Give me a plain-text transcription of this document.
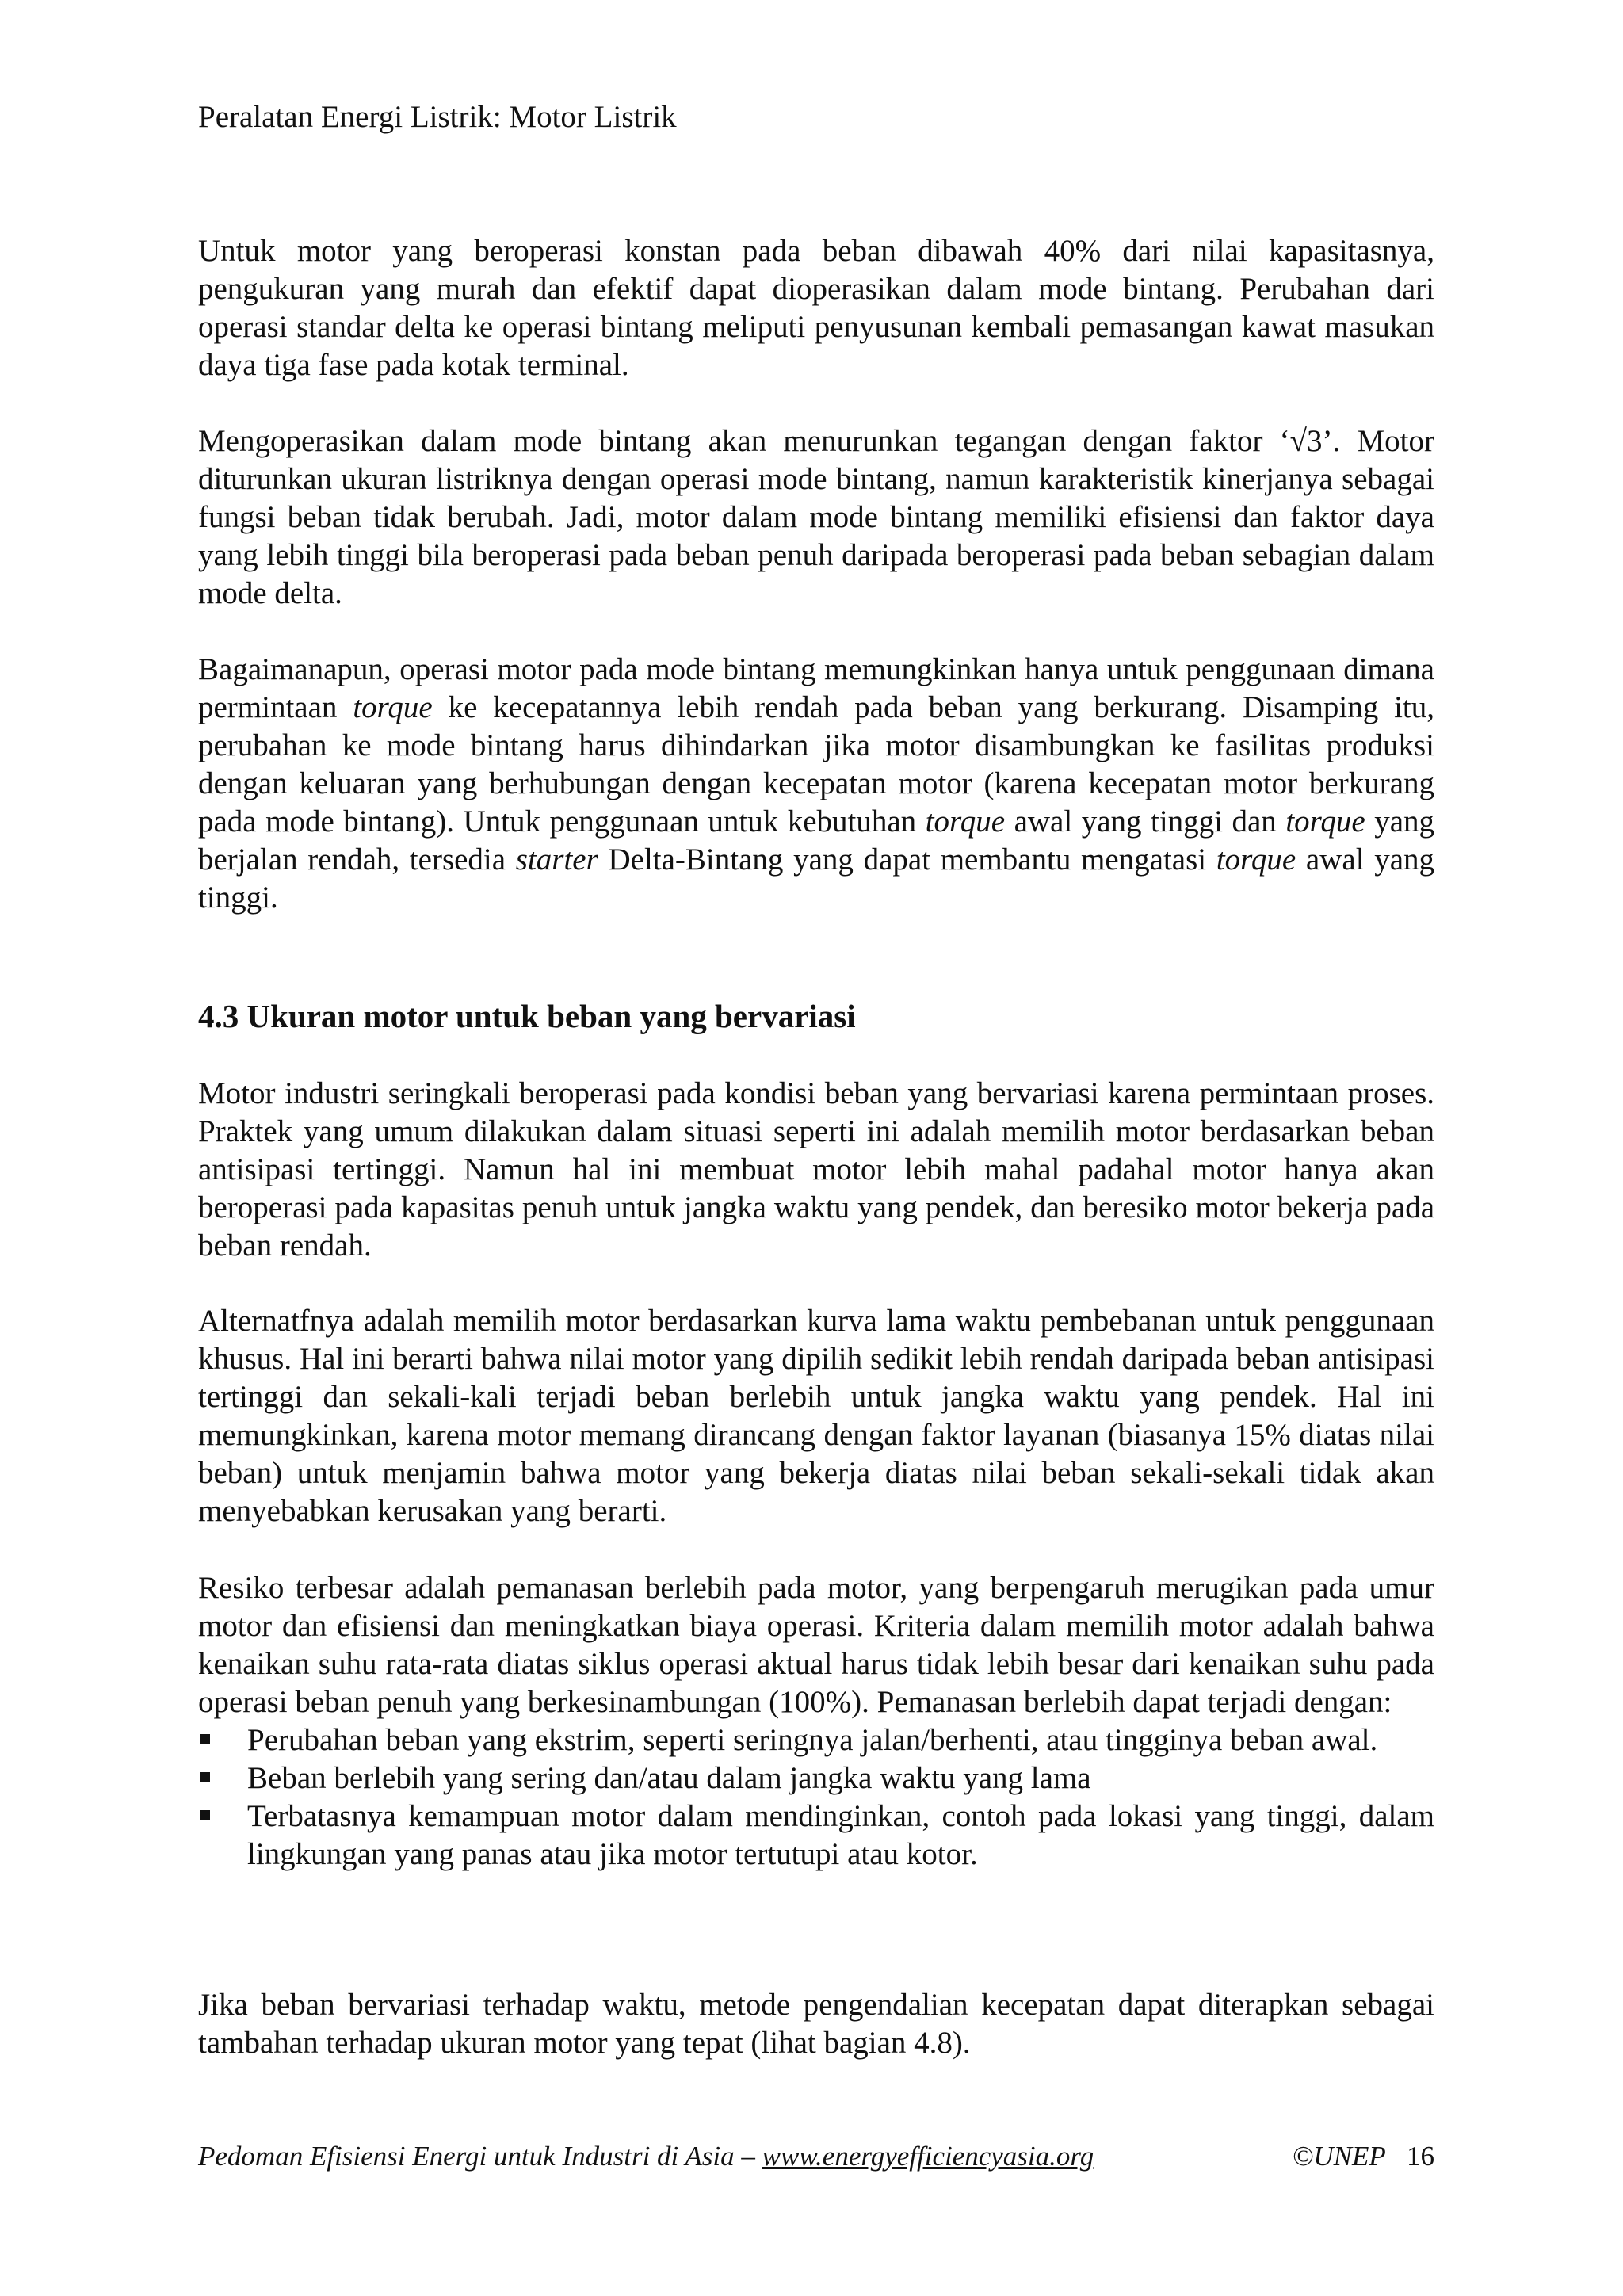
Peralatan Energi Listrik: Motor Listrik

Untuk motor yang beroperasi konstan pada beban dibawah 40% dari nilai kapasitasnya, pengukuran yang murah dan efektif dapat dioperasikan dalam mode bintang. Perubahan dari operasi standar delta ke operasi bintang meliputi penyusunan kembali pemasangan kawat masukan daya tiga fase pada kotak terminal.

Mengoperasikan dalam mode bintang akan menurunkan tegangan dengan faktor ‘√3’. Motor diturunkan ukuran listriknya dengan operasi mode bintang, namun karakteristik kinerjanya sebagai fungsi beban tidak berubah. Jadi, motor dalam mode bintang memiliki efisiensi dan faktor daya yang lebih tinggi bila beroperasi pada beban penuh daripada beroperasi pada beban sebagian dalam mode delta.

Bagaimanapun, operasi motor pada mode bintang memungkinkan hanya untuk penggunaan dimana permintaan torque ke kecepatannya lebih rendah pada beban yang berkurang. Disamping itu, perubahan ke mode bintang harus dihindarkan jika motor disambungkan ke fasilitas produksi dengan keluaran yang berhubungan dengan kecepatan motor (karena kecepatan motor berkurang pada mode bintang). Untuk penggunaan untuk kebutuhan torque awal yang tinggi dan torque yang berjalan rendah, tersedia starter Delta-Bintang yang dapat membantu mengatasi torque awal yang tinggi.

4.3 Ukuran motor untuk beban yang bervariasi

Motor industri seringkali beroperasi pada kondisi beban yang bervariasi karena permintaan proses. Praktek yang umum dilakukan dalam situasi seperti ini adalah memilih motor berdasarkan beban antisipasi tertinggi. Namun hal ini membuat motor lebih mahal padahal motor hanya akan beroperasi pada kapasitas penuh untuk jangka waktu yang pendek, dan beresiko motor bekerja pada beban rendah.

Alternatfnya adalah memilih motor berdasarkan kurva lama waktu pembebanan untuk penggunaan khusus. Hal ini berarti bahwa nilai motor yang dipilih sedikit lebih rendah daripada beban antisipasi tertinggi dan sekali-kali terjadi beban berlebih untuk jangka waktu yang pendek. Hal ini memungkinkan, karena motor memang dirancang dengan faktor layanan (biasanya 15% diatas nilai beban) untuk menjamin bahwa motor yang bekerja diatas nilai beban sekali-sekali tidak akan menyebabkan kerusakan yang berarti.

Resiko terbesar adalah pemanasan berlebih pada motor, yang berpengaruh merugikan pada umur motor dan efisiensi dan meningkatkan biaya operasi. Kriteria dalam memilih motor adalah bahwa kenaikan suhu rata-rata diatas siklus operasi aktual harus tidak lebih besar dari kenaikan suhu pada operasi beban penuh yang berkesinambungan (100%). Pemanasan berlebih dapat terjadi dengan:

Perubahan beban yang ekstrim, seperti seringnya jalan/berhenti, atau tingginya beban awal.
Beban berlebih yang sering dan/atau dalam jangka waktu yang lama
Terbatasnya kemampuan motor dalam mendinginkan, contoh pada lokasi yang tinggi, dalam lingkungan yang panas atau jika motor tertutupi atau kotor.

Jika beban bervariasi terhadap waktu, metode pengendalian kecepatan dapat diterapkan sebagai tambahan terhadap ukuran motor yang tepat (lihat bagian 4.8).

Pedoman Efisiensi Energi untuk Industri di Asia – www.energyefficiencyasia.org	©UNEP 16
